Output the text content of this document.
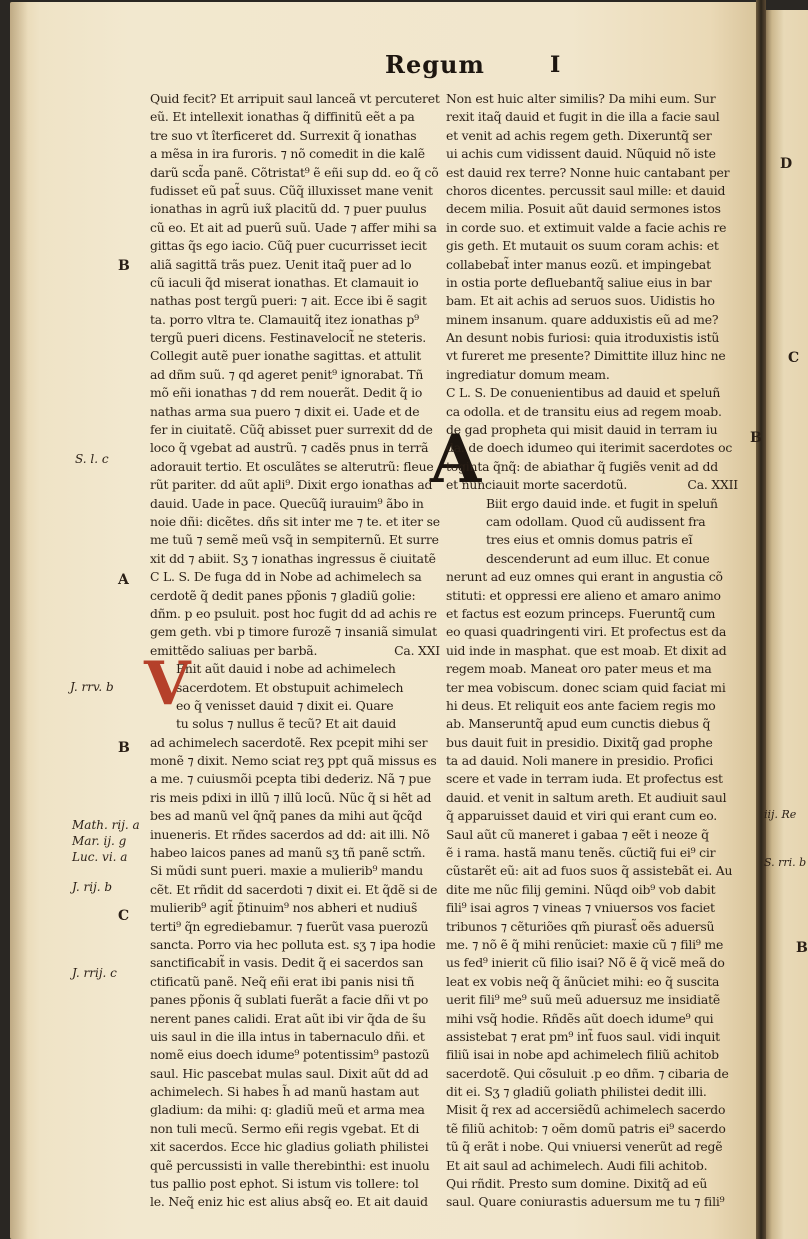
Regum	I
A
Quid fecit? Et arripuit saul lanceã vt percuteret
eũ. Et intellexit ionathas q̃ diffinitũ eẽt a pa
tre suo vt îterficeret dd. Surrexit q̃ ionathas
a mẽsa in ira furoris. ⁊ nõ comedit in die kalẽ
darũ scd̃a panẽ. Cõtristat⁹ ẽ eñi sup dd. eo q̃ cõ
fudisset eũ pat̃ suus. Cũq̃ illuxisset mane venit
ionathas in agrũ iux̃ placitũ dd. ⁊ puer puulus
cũ eo. Et ait ad puerũ suũ. Uade ⁊ affer mihi sa
gittas q̃s ego iacio. Cũq̃ puer cucurrisset iecit
aliã sagittã trãs puez. Uenit itaq̃ puer ad lo
cũ iaculi q̃d miserat ionathas. Et clamauit io
nathas post tergũ pueri: ⁊ ait. Ecce ibi ẽ sagit
ta. porro vltra te. Clamauitq̃ itez ionathas p⁹
tergũ pueri dicens. Festinavelocit̃ ne steteris.
Collegit autẽ puer ionathe sagittas. et attulit
ad dñm suũ. ⁊ qd ageret penit⁹ ignorabat. Tñ
mõ eñi ionathas ⁊ dd rem nouerãt. Dedit q̃ io
nathas arma sua puero ⁊ dixit ei. Uade et de
fer in ciuitatẽ. Cũq̃ abisset puer surrexit dd de
loco q̃ vgebat ad austrũ. ⁊ cadẽs pnus in terrã
adorauit tertio. Et osculãtes se alterutrũ: fleue
rũt pariter. dd aũt apli⁹. Dixit ergo ionathas ad
dauid. Uade in pace. Quecũq̃ iurauim⁹ ãbo in
noie dñi: dicẽtes. dñs sit inter me ⁊ te. et iter se
me tuũ ⁊ semẽ meũ vsq̃ in sempiternũ. Et surre
xit dd ⁊ abiit. Sʒ ⁊ ionathas ingressus ẽ ciuitatẽ
C L. S. De fuga dd in Nobe ad achimelech sa
cerdotẽ q̃ dedit panes pp̃onis ⁊ gladiũ golie:
dñm. p eo psuluit. post hoc fugit dd ad achis re
gem geth. vbi p timore furozẽ ⁊ insaniã simulat
emittẽdo saliuas per barbã.	Ca. XXI
Enit aũt dauid i nobe ad achimelech
sacerdotem. Et obstupuit achimelech
eo q̃ venisset dauid ⁊ dixit ei. Quare
tu solus ⁊ nullus ẽ tecũ? Et ait dauid
ad achimelech sacerdotẽ. Rex pcepit mihi ser
monẽ ⁊ dixit. Nemo sciat reʒ ppt quã missus es
a me. ⁊ cuiusmõi pcepta tibi dederiz. Nã ⁊ pue
ris meis pdixi in illũ ⁊ illũ locũ. Nũc q̃ si hẽt ad
bes ad manũ vel q̃nq̃ panes da mihi aut q̃cq̃d
inueneris. Et rñdes sacerdos ad dd: ait illi. Nõ
habeo laicos panes ad manũ sʒ tñ panẽ sctm̃.
Si mũdi sunt pueri. maxie a mulierib⁹ mandu
cẽt. Et rñdit dd sacerdoti ⁊ dixit ei. Et q̃dẽ si de
mulierib⁹ agit̃ p̃tinuim⁹ nos abheri et nudius̃
terti⁹ q̃n egrediebamur. ⁊ fuerũt vasa puerozũ
sancta. Porro via hec polluta est. sʒ ⁊ ipa hodie
sanctificabit̃ in vasis. Dedit q̃ ei sacerdos san
ctificatũ panẽ. Neq̃ eñi erat ibi panis nisi tñ
panes pp̃onis q̃ sublati fuerãt a facie dñi vt po
nerent panes calidi. Erat aũt ibi vir q̃da de s̃u
uis saul in die illa intus in tabernaculo dñi. et
nomẽ eius doech idume⁹ potentissim⁹ pastozũ
saul. Hic pascebat mulas saul. Dixit aũt dd ad
achimelech. Si habes h̃ ad manũ hastam aut
gladium: da mihi: q: gladiũ meũ et arma mea
non tuli mecũ. Sermo eñi regis vgebat. Et di
xit sacerdos. Ecce hic gladius goliath philistei
quẽ percussisti in valle therebinthi: est inuolu
tus pallio post ephot. Si istum vis tollere: tol
le. Neq̃ eniz hic est alius absq̃ eo. Et ait dauid
V
Non est huic alter similis? Da mihi eum. Sur
rexit itaq̃ dauid et fugit in die illa a facie saul
et venit ad achis regem geth. Dixeruntq̃ ser
ui achis cum vidissent dauid. Nũquid nõ iste
est dauid rex terre? Nonne huic cantabant per
choros dicentes. percussit saul mille: et dauid
decem milia. Posuit aũt dauid sermones istos
in corde suo. et extimuit valde a facie achis re
gis geth. Et mutauit os suum coram achis: et
collabebat̃ inter manus eozũ. et impingebat
in ostia porte defluebantq̃ saliue eius in bar
bam. Et ait achis ad seruos suos. Uidistis ho
minem insanum. quare adduxistis eũ ad me?
An desunt nobis furiosi: quia itroduxistis istũ
vt fureret me presente? Dimittite illuz hinc ne
ingrediatur domum meam.
C L. S. De conuenientibus ad dauid et speluñ
ca odolla. et de transitu eius ad regem moab.
de gad propheta qui misit dauid in terram iu
da. de doech idumeo qui iterimit sacerdotes oc
toginta q̃nq̃: de abiathar q̃ fugiẽs venit ad dd
et nunciauit morte sacerdotũ.	Ca. XXII
Biit ergo dauid inde. et fugit in speluñ
cam odollam. Quod cũ audissent fra
tres eius et omnis domus patris eĩ
descenderunt ad eum illuc. Et conue
nerunt ad euz omnes qui erant in angustia cõ
stituti: et oppressi ere alieno et amaro animo
et factus est eozum princeps. Fueruntq̃ cum
eo quasi quadringenti viri. Et profectus est da
uid inde in masphat. que est moab. Et dixit ad
regem moab. Maneat oro pater meus et ma
ter mea vobiscum. donec sciam quid faciat mi
hi deus. Et reliquit eos ante faciem regis mo
ab. Manseruntq̃ apud eum cunctis diebus q̃
bus dauit fuit in presidio. Dixitq̃ gad prophe
ta ad dauid. Noli manere in presidio. Profici
scere et vade in terram iuda. Et profectus est
dauid. et venit in saltum areth. Et audiuit saul
q̃ apparuisset dauid et viri qui erant cum eo.
Saul aũt cũ maneret i gabaa ⁊ eẽt i neoze q̃
ẽ i rama. hastã manu tenẽs. cũctiq̃ fui ei⁹ cir
cũstarẽt eũ: ait ad fuos suos q̃ assistebãt ei. Au
dite me nũc filij gemini. Nũqd oib⁹ vob dabit
fili⁹ isai agros ⁊ vineas ⁊ vniuersos vos faciet
tribunos ⁊ cẽturiões qm̃ piurast̃ oẽs aduersũ
me. ⁊ nõ ẽ q̃ mihi renũciet: maxie cũ ⁊ fili⁹ me
us fed⁹ inierit cũ filio isai? Nõ ẽ q̃ vicẽ meã do
leat ex vobis neq̃ q̃ ãnũciet mihi: eo q̃ suscita
uerit fili⁹ me⁹ suũ meũ aduersuz me insidiatẽ
mihi vsq̃ hodie. Rñdẽs aũt doech idume⁹ qui
assistebat ⁊ erat pm⁹ int̃ fuos saul. vidi inquit
filiũ isai in nobe apd achimelech filiũ achitob
sacerdotẽ. Qui cõsuluit .p eo dñm. ⁊ cibaria de
dit ei. Sʒ ⁊ gladiũ goliath philistei dedit illi.
Misit q̃ rex ad accersiẽdũ achimelech sacerdo
tẽ filiũ achitob: ⁊ oẽm domũ patris ei⁹ sacerdo
tũ q̃ erãt i nobe. Qui vniuersi venerũt ad regẽ
Et ait saul ad achimelech. Audi fili achitob.
Qui rñdit. Presto sum domine. Dixitq̃ ad eũ
saul. Quare coniurastis aduersum me tu ⁊ fili⁹
B
S. l. c
A
J. rrv. b
B
Math. rij. a
Mar. ij. g
Luc. vi. a
J. rij. b
C
J. rrij. c
D
C
B
iij. Re
S. rri. b
B
